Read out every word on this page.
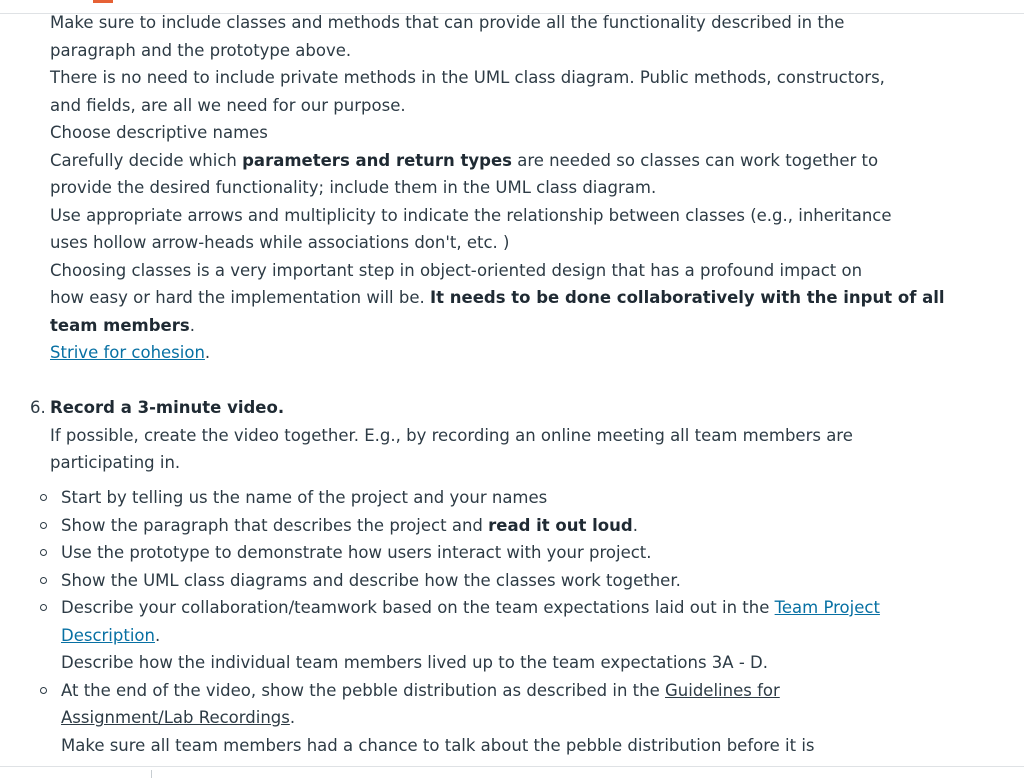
Make sure to include classes and methods that can provide all the functionality described in the
paragraph and the prototype above.
There is no need to include private methods in the UML class diagram. Public methods, constructors,
and fields, are all we need for our purpose.
Choose descriptive names
Carefully decide which parameters and return types are needed so classes can work together to
provide the desired functionality; include them in the UML class diagram.
Use appropriate arrows and multiplicity to indicate the relationship between classes (e.g., inheritance
uses hollow arrow-heads while associations don't, etc. )
Choosing classes is a very important step in object-oriented design that has a profound impact on
how easy or hard the implementation will be. It needs to be done collaboratively with the input of all
team members.
Strive for cohesion.
6. Record a 3-minute video.
If possible, create the video together. E.g., by recording an online meeting all team members are
participating in.
Start by telling us the name of the project and your names
Show the paragraph that describes the project and read it out loud.
Use the prototype to demonstrate how users interact with your project.
Show the UML class diagrams and describe how the classes work together.
Describe your collaboration/teamwork based on the team expectations laid out in the Team Project
Description.
Describe how the individual team members lived up to the team expectations 3A - D.
At the end of the video, show the pebble distribution as described in the Guidelines for
Assignment/Lab Recordings.
Make sure all team members had a chance to talk about the pebble distribution before it is
